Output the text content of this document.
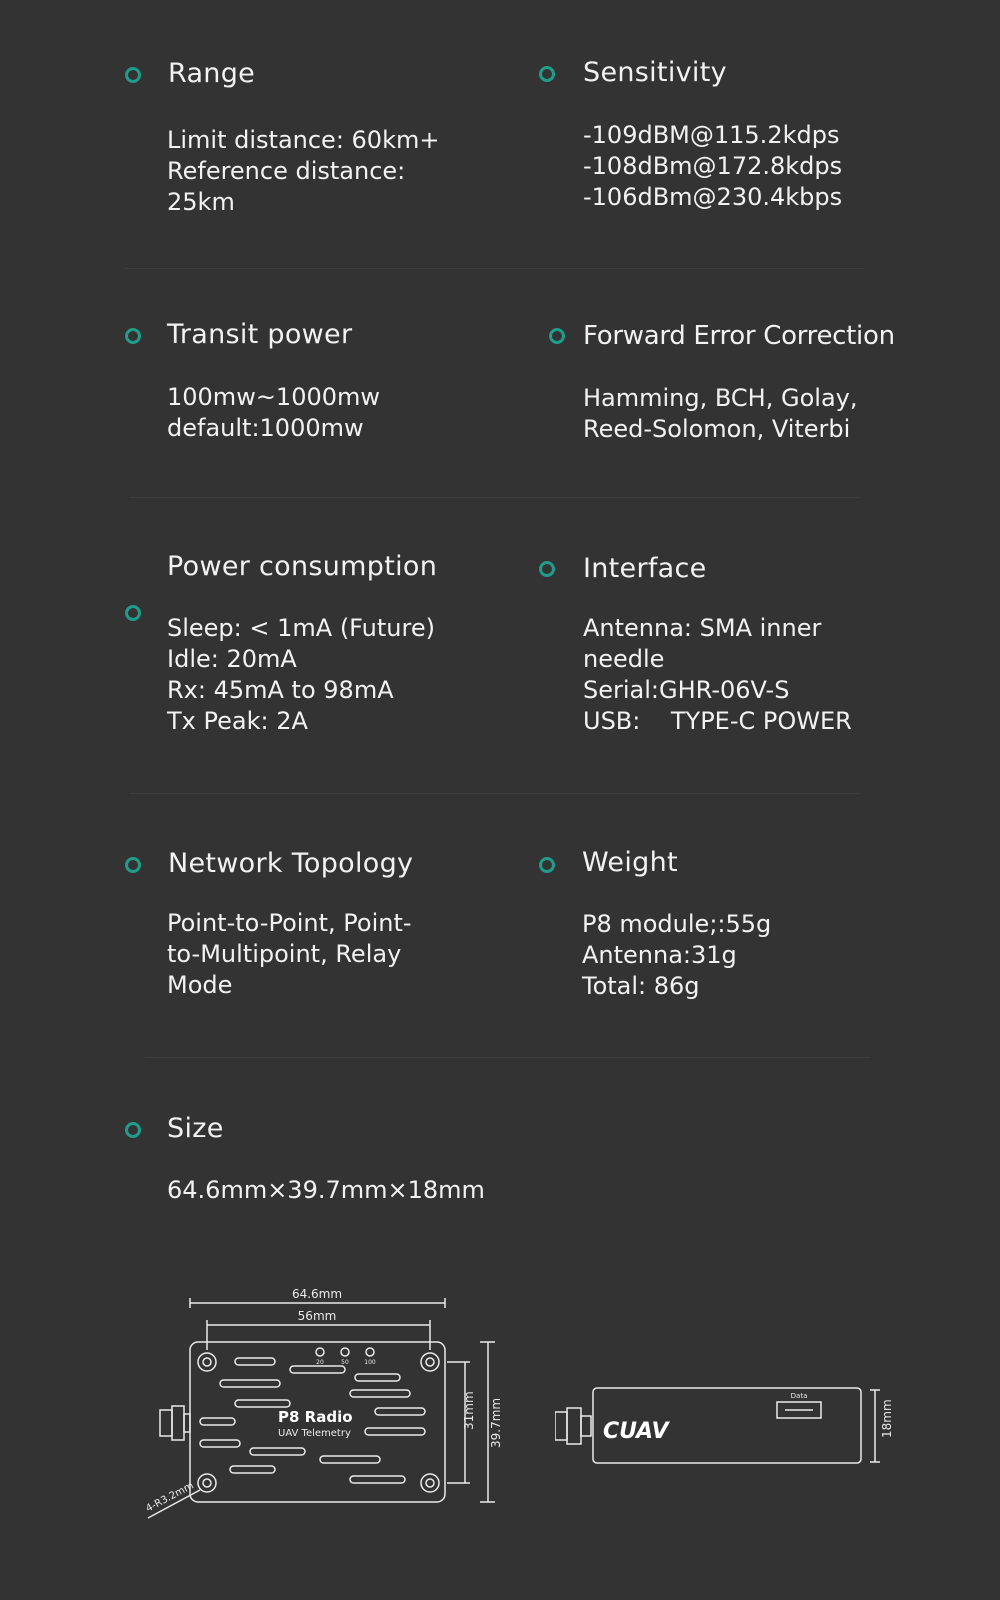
Range
Limit distance: 60km+
Reference distance:
25km
Sensitivity
-109dBM@115.2kdps
-108dBm@172.8kdps
-106dBm@230.4kbps
Transit power
100mw~1000mw
default:1000mw
Forward Error Correction
Hamming, BCH, Golay,
Reed-Solomon, Viterbi
Power consumption
Sleep: < 1mA (Future)
Idle: 20mA
Rx: 45mA to 98mA
Tx Peak: 2A
Interface
Antenna: SMA inner
needle
Serial:GHR-06V-S
USB:    TYPE-C POWER
Network Topology
Point-to-Point, Point-
to-Multipoint, Relay
Mode
Weight
P8 module;:55g
Antenna:31g
Total: 86g
Size
64.6mm×39.7mm×18mm
64.6mm
56mm
31mm 39.7mm
4-R3.2mm
P8 Radio
UAV Telemetry
20	50	100
CUAV
Data
18mm
